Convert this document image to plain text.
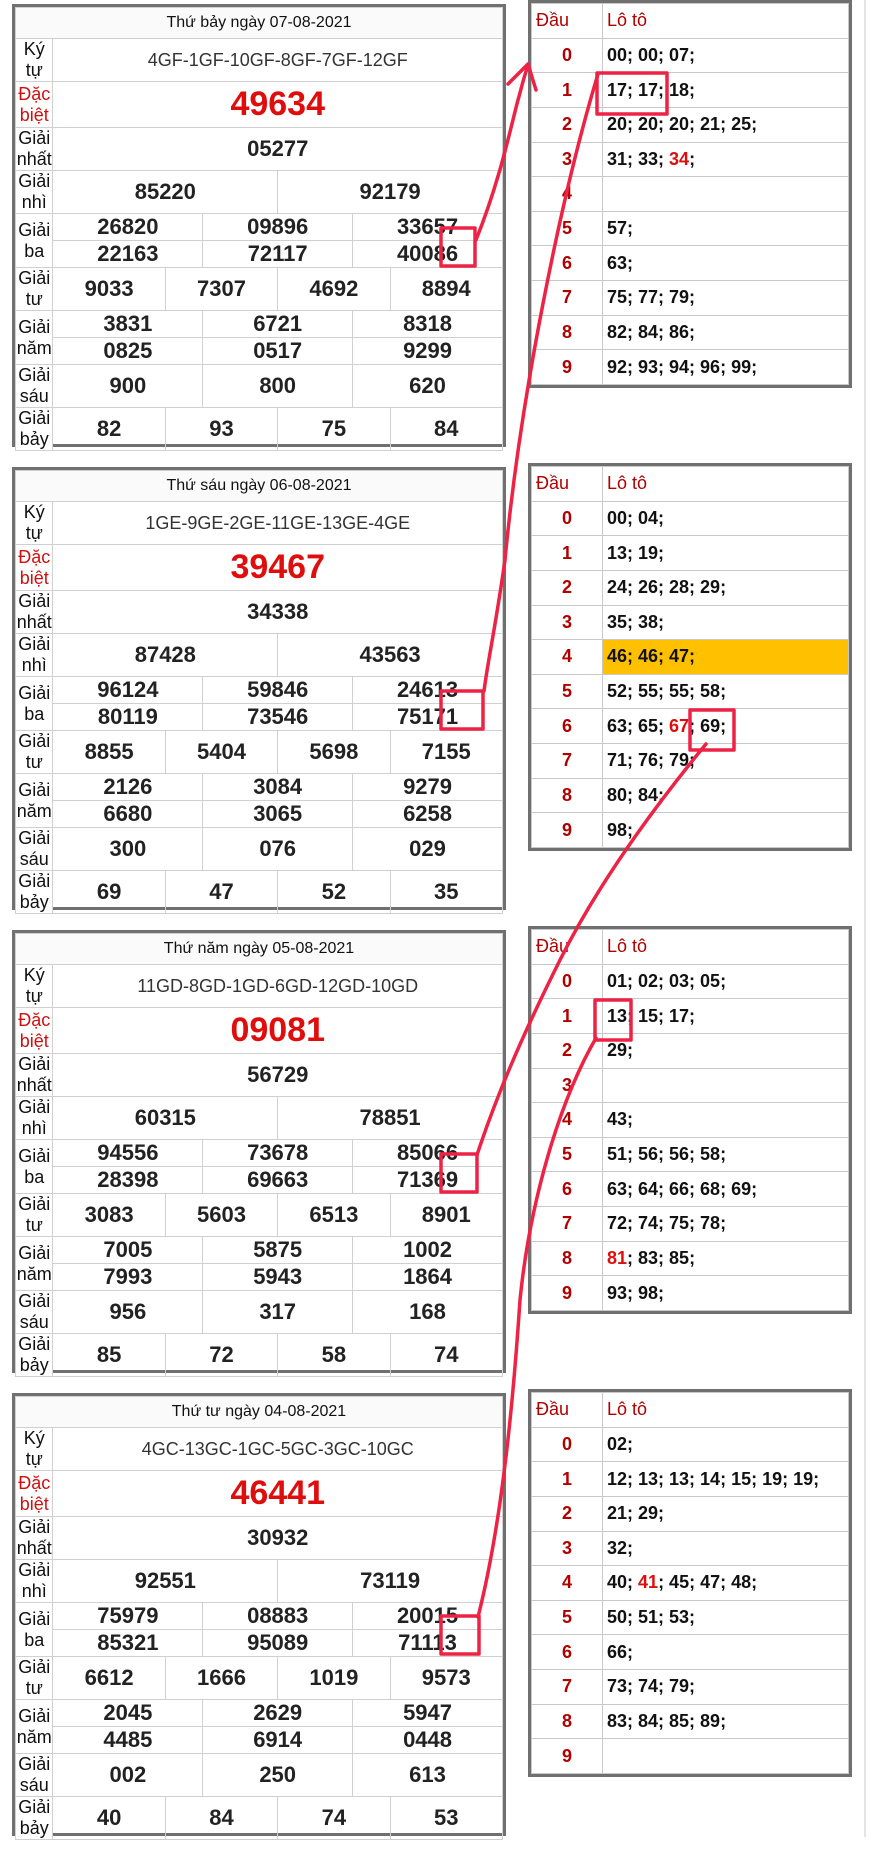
Thứ bảy ngày 07-08-2021						
Ký tự	4GF-1GF-10GF-8GF-7GF-12GF					
Đặc biệt	49634					
Giải nhất	05277					
Giải nhì	85220			92179		
Giải ba	26820		09896		33657	
	22163		72117		40086	
Giải tư	9033	7307		4692		8894
Giải năm	3831		6721		8318	
	0825		0517		9299	
Giải sáu	900		800		620	
Giải bảy	82	93		75		84
Đầu	Lô tô
0	00; 00; 07;
1	17; 17; 18;
2	20; 20; 20; 21; 25;
3	31; 33; 34;
4	
5	57;
6	63;
7	75; 77; 79;
8	82; 84; 86;
9	92; 93; 94; 96; 99;
Thứ sáu ngày 06-08-2021						
Ký tự	1GE-9GE-2GE-11GE-13GE-4GE					
Đặc biệt	39467					
Giải nhất	34338					
Giải nhì	87428			43563		
Giải ba	96124		59846		24613	
	80119		73546		75171	
Giải tư	8855	5404		5698		7155
Giải năm	2126		3084		9279	
	6680		3065		6258	
Giải sáu	300		076		029	
Giải bảy	69	47		52		35
Đầu	Lô tô
0	00; 04;
1	13; 19;
2	24; 26; 28; 29;
3	35; 38;
4	46; 46; 47;
5	52; 55; 55; 58;
6	63; 65; 67; 69;
7	71; 76; 79;
8	80; 84;
9	98;
Thứ năm ngày 05-08-2021						
Ký tự	11GD-8GD-1GD-6GD-12GD-10GD					
Đặc biệt	09081					
Giải nhất	56729					
Giải nhì	60315			78851		
Giải ba	94556		73678		85066	
	28398		69663		71369	
Giải tư	3083	5603		6513		8901
Giải năm	7005		5875		1002	
	7993		5943		1864	
Giải sáu	956		317		168	
Giải bảy	85	72		58		74
Đầu	Lô tô
0	01; 02; 03; 05;
1	13; 15; 17;
2	29;
3	
4	43;
5	51; 56; 56; 58;
6	63; 64; 66; 68; 69;
7	72; 74; 75; 78;
8	81; 83; 85;
9	93; 98;
Thứ tư ngày 04-08-2021						
Ký tự	4GC-13GC-1GC-5GC-3GC-10GC					
Đặc biệt	46441					
Giải nhất	30932					
Giải nhì	92551			73119		
Giải ba	75979		08883		20015	
	85321		95089		71113	
Giải tư	6612	1666		1019		9573
Giải năm	2045		2629		5947	
	4485		6914		0448	
Giải sáu	002		250		613	
Giải bảy	40	84		74		53
Đầu	Lô tô
0	02;
1	12; 13; 13; 14; 15; 19; 19;
2	21; 29;
3	32;
4	40; 41; 45; 47; 48;
5	50; 51; 53;
6	66;
7	73; 74; 79;
8	83; 84; 85; 89;
9	
